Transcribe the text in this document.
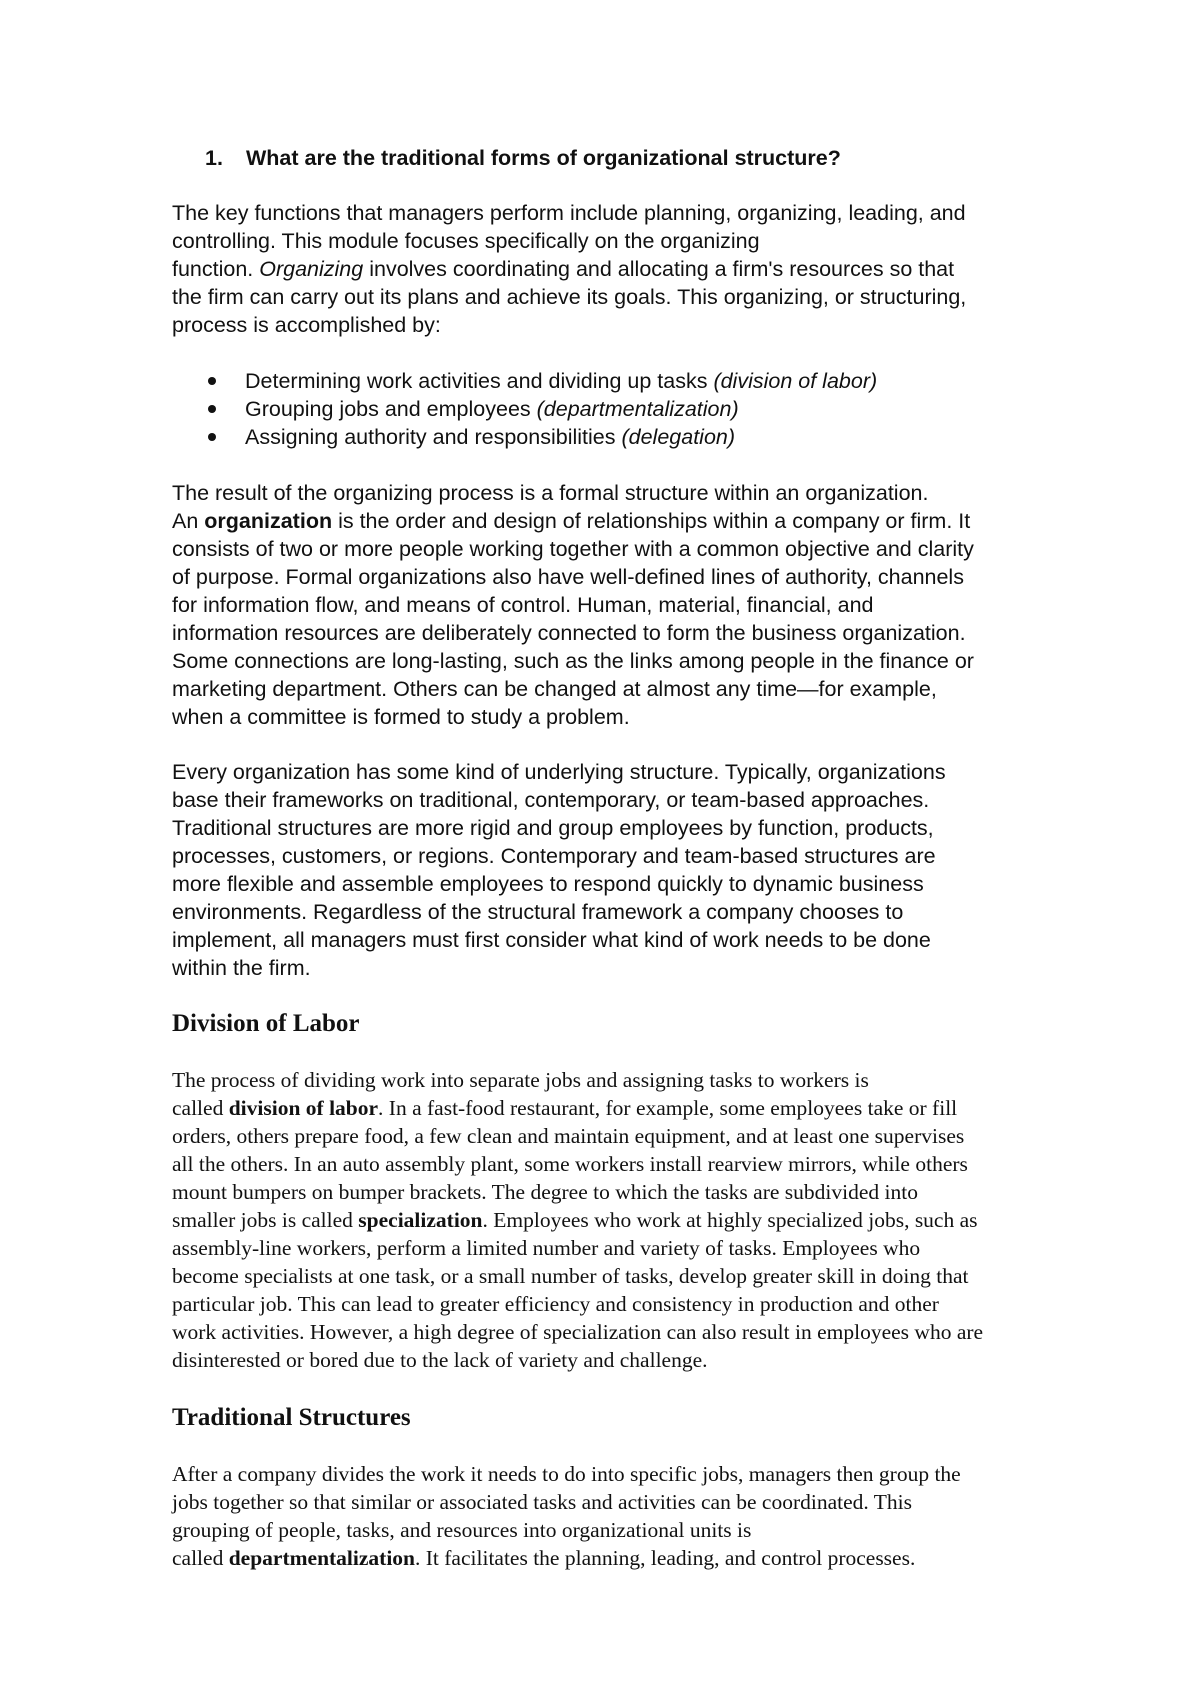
1. What are the traditional forms of organizational structure?

The key functions that managers perform include planning, organizing, leading, and
controlling. This module focuses specifically on the organizing
function. Organizing involves coordinating and allocating a firm's resources so that
the firm can carry out its plans and achieve its goals. This organizing, or structuring,
process is accomplished by:

Determining work activities and dividing up tasks (division of labor)
Grouping jobs and employees (departmentalization)
Assigning authority and responsibilities (delegation)

The result of the organizing process is a formal structure within an organization.
An organization is the order and design of relationships within a company or firm. It
consists of two or more people working together with a common objective and clarity
of purpose. Formal organizations also have well-defined lines of authority, channels
for information flow, and means of control. Human, material, financial, and
information resources are deliberately connected to form the business organization.
Some connections are long-lasting, such as the links among people in the finance or
marketing department. Others can be changed at almost any time—for example,
when a committee is formed to study a problem.

Every organization has some kind of underlying structure. Typically, organizations
base their frameworks on traditional, contemporary, or team-based approaches.
Traditional structures are more rigid and group employees by function, products,
processes, customers, or regions. Contemporary and team-based structures are
more flexible and assemble employees to respond quickly to dynamic business
environments. Regardless of the structural framework a company chooses to
implement, all managers must first consider what kind of work needs to be done
within the firm.

Division of Labor

The process of dividing work into separate jobs and assigning tasks to workers is
called division of labor. In a fast-food restaurant, for example, some employees take or fill
orders, others prepare food, a few clean and maintain equipment, and at least one supervises
all the others. In an auto assembly plant, some workers install rearview mirrors, while others
mount bumpers on bumper brackets. The degree to which the tasks are subdivided into
smaller jobs is called specialization. Employees who work at highly specialized jobs, such as
assembly-line workers, perform a limited number and variety of tasks. Employees who
become specialists at one task, or a small number of tasks, develop greater skill in doing that
particular job. This can lead to greater efficiency and consistency in production and other
work activities. However, a high degree of specialization can also result in employees who are
disinterested or bored due to the lack of variety and challenge.

Traditional Structures

After a company divides the work it needs to do into specific jobs, managers then group the
jobs together so that similar or associated tasks and activities can be coordinated. This
grouping of people, tasks, and resources into organizational units is
called departmentalization. It facilitates the planning, leading, and control processes.
